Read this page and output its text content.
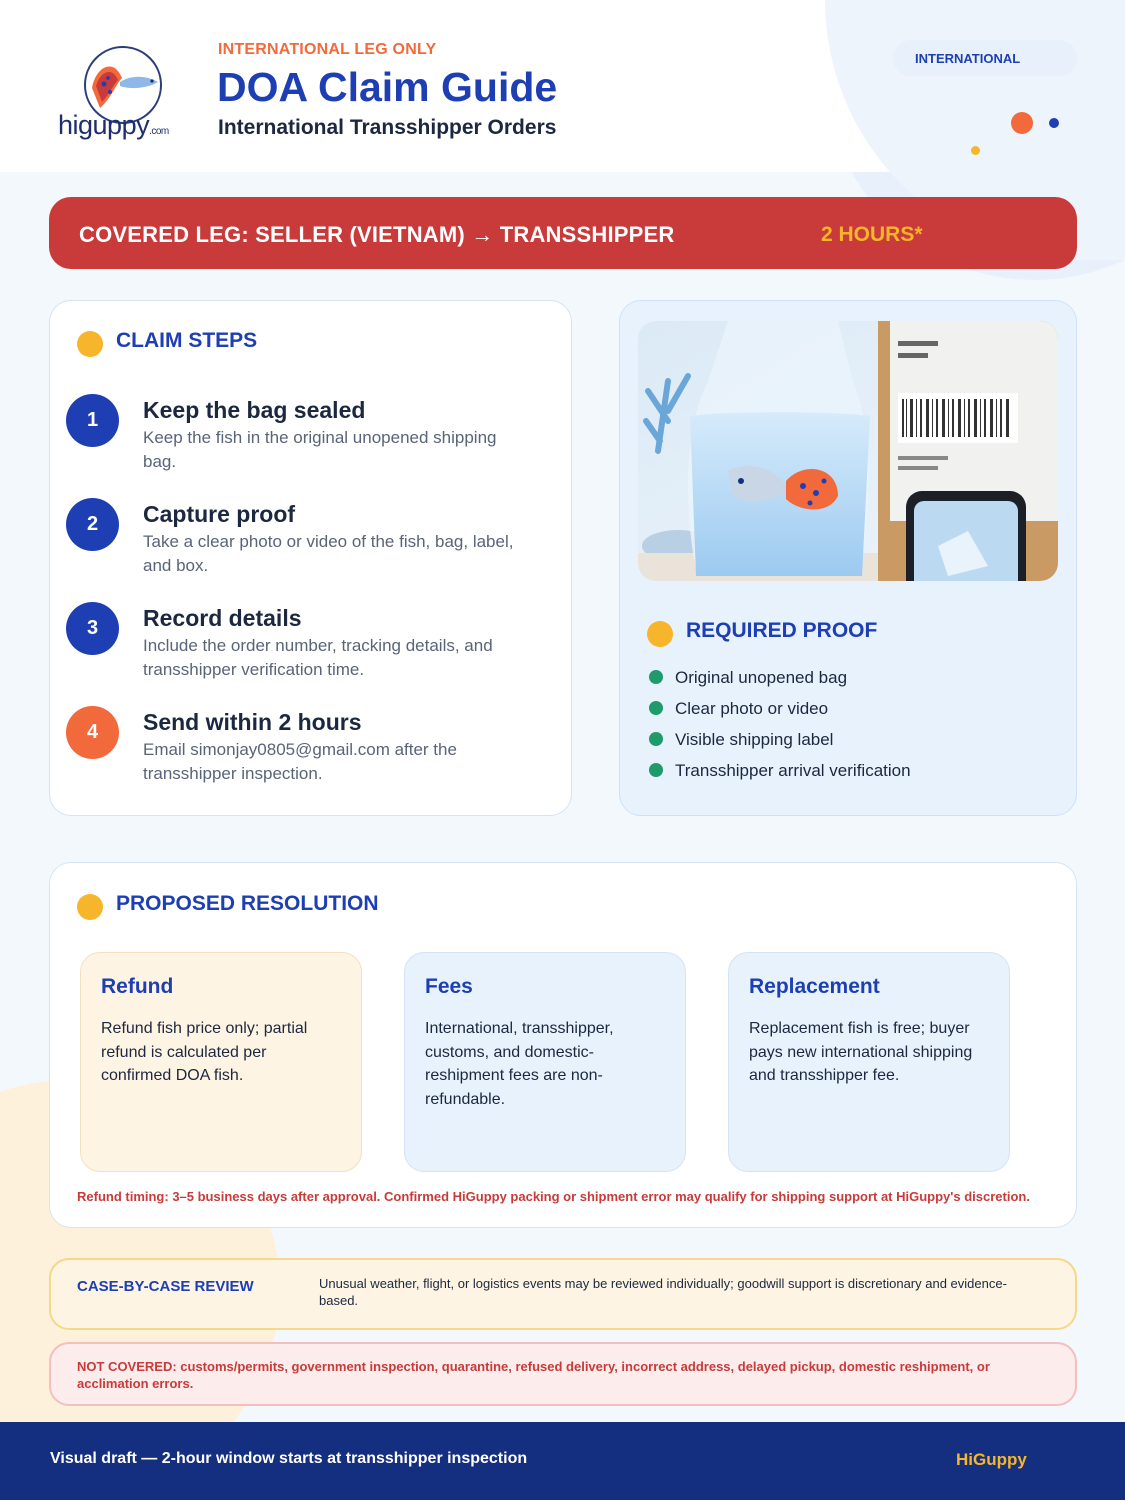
higuppy.com
INTERNATIONAL LEG ONLY
DOA Claim Guide
International Transshipper Orders
INTERNATIONAL
COVERED LEG: SELLER (VIETNAM) → TRANSSHIPPER	2 HOURS*
CLAIM STEPS
1	Keep the bag sealed
Keep the fish in the original unopened shipping bag.
2	Capture proof
Take a clear photo or video of the fish, bag, label, and box.
3	Record details
Include the order number, tracking details, and transshipper verification time.
4	Send within 2 hours
Email simonjay0805@gmail.com after the transshipper inspection.
REQUIRED PROOF
Original unopened bag
Clear photo or video
Visible shipping label
Transshipper arrival verification
PROPOSED RESOLUTION
Refund
Refund fish price only; partial refund is calculated per confirmed DOA fish.
Fees
International, transshipper, customs, and domestic-reshipment fees are non-refundable.
Replacement
Replacement fish is free; buyer pays new international shipping and transshipper fee.
Refund timing: 3–5 business days after approval. Confirmed HiGuppy packing or shipment error may qualify for shipping support at HiGuppy's discretion.
CASE-BY-CASE REVIEW	Unusual weather, flight, or logistics events may be reviewed individually; goodwill support is discretionary and evidence-based.
NOT COVERED: customs/permits, government inspection, quarantine, refused delivery, incorrect address, delayed pickup, domestic reshipment, or acclimation errors.
Visual draft — 2-hour window starts at transshipper inspection	HiGuppy
